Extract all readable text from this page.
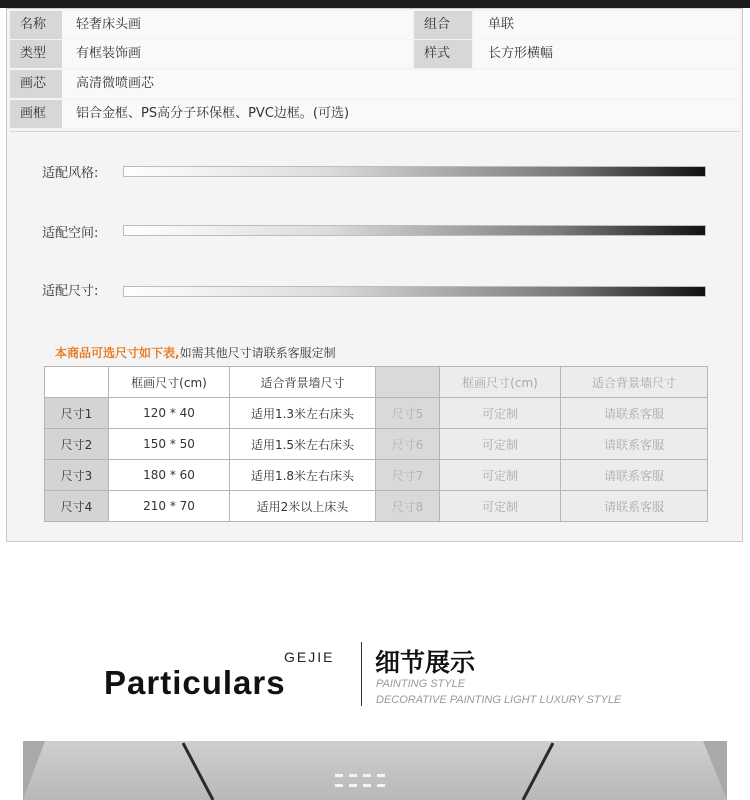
名称	轻奢床头画	组合	单联
类型	有框装饰画	样式	长方形横幅
画芯	高清微喷画芯
画框	铝合金框、PS高分子环保框、PVC边框。(可选)
适配风格:
适配空间:
适配尺寸:
本商品可选尺寸如下表,如需其他尺寸请联系客服定制
	框画尺寸(cm)	适合背景墙尺寸		框画尺寸(cm)	适合背景墙尺寸
尺寸1	120 * 40	适用1.3米左右床头	尺寸5	可定制	请联系客服
尺寸2	150 * 50	适用1.5米左右床头	尺寸6	可定制	请联系客服
尺寸3	180 * 60	适用1.8米左右床头	尺寸7	可定制	请联系客服
尺寸4	210 * 70	适用2米以上床头	尺寸8	可定制	请联系客服
GEJIE
Particulars
细节展示
PAINTING STYLE
DECORATIVE PAINTING LIGHT LUXURY STYLE
